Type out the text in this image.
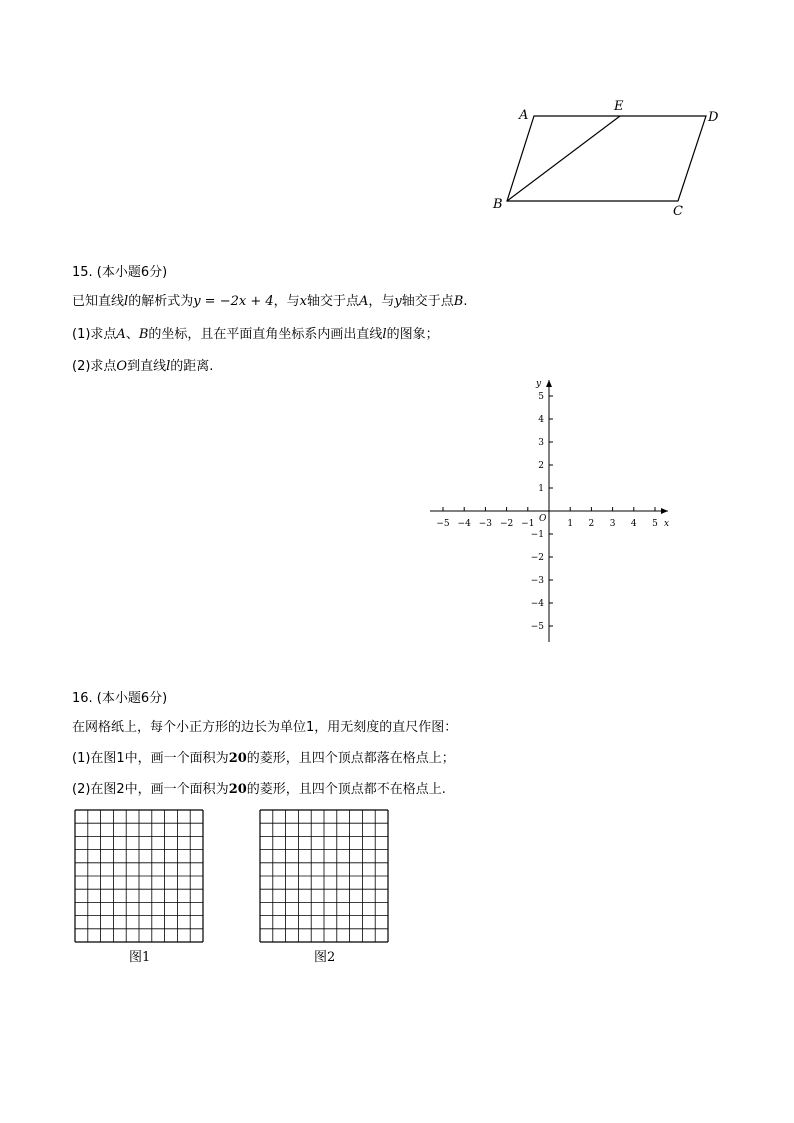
A
E
D
B	C
15. (本小题6分)
已知直线l的解析式为y = −2x + 4，与x轴交于点A，与y轴交于点B.
(1)求点A、B的坐标，且在平面直角坐标系内画出直线l的图象；
(2)求点O到直线l的距离.
x
y
O
−5 −4 −3 −2 −1	1 2 3 4 5
1
−1
2
−2
3
−3
4
−4
5
−5
16. (本小题6分)
在网格纸上，每个小正方形的边长为单位1，用无刻度的直尺作图：
(1)在图1中，画一个面积为20的菱形，且四个顶点都落在格点上；
(2)在图2中，画一个面积为20的菱形，且四个顶点都不在格点上.
图1	图2
